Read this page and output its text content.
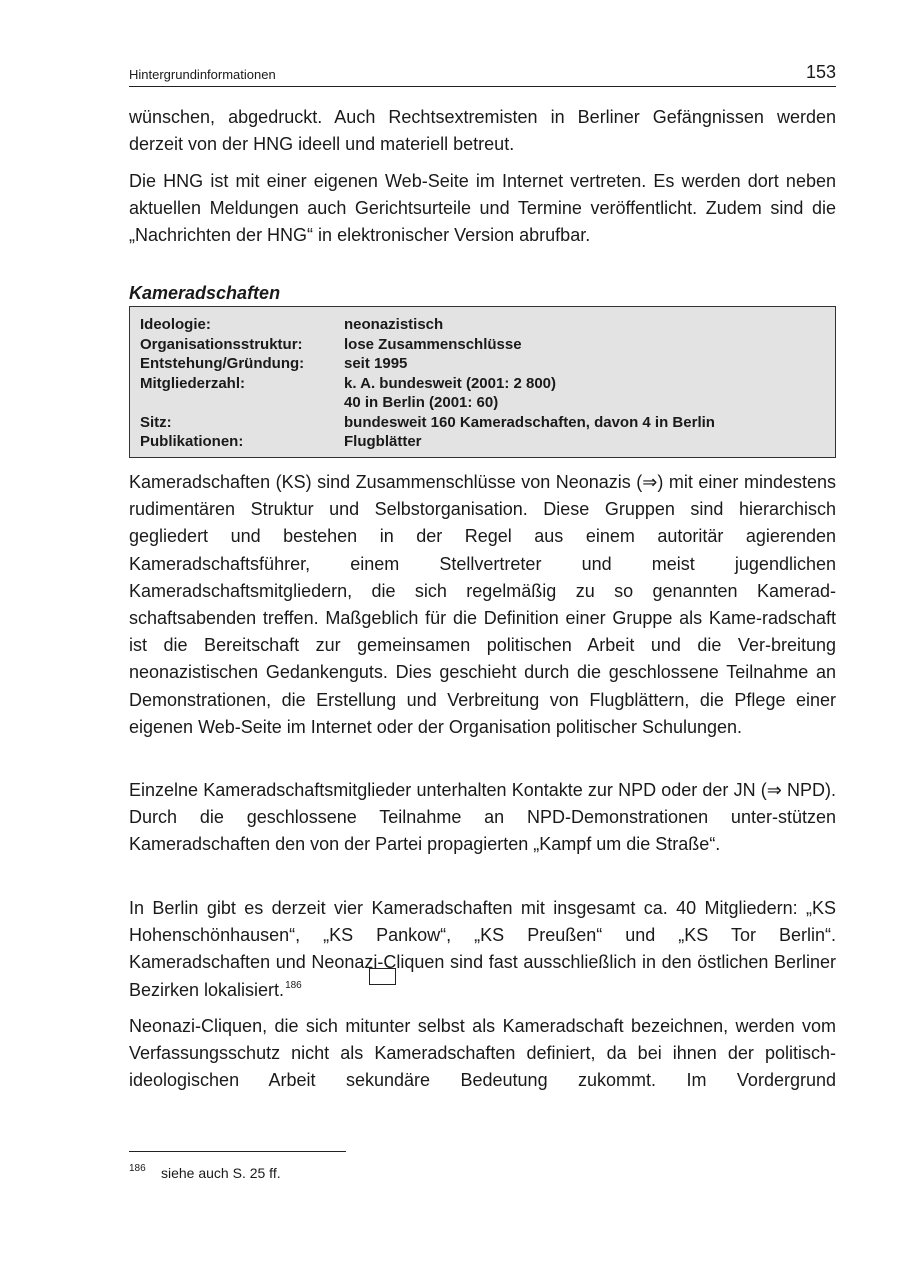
Hintergrundinformationen	153

wünschen, abgedruckt. Auch Rechtsextremisten in Berliner Gefängnissen werden derzeit von der HNG ideell und materiell betreut.

Die HNG ist mit einer eigenen Web-Seite im Internet vertreten. Es werden dort neben aktuellen Meldungen auch Gerichtsurteile und Termine veröffentlicht. Zudem sind die „Nachrichten der HNG“ in elektronischer Version abrufbar.

Kameradschaften

Ideologie:	neonazistisch
Organisationsstruktur:	lose Zusammenschlüsse
Entstehung/Gründung:	seit 1995
Mitgliederzahl:	k. A. bundesweit (2001: 2 800)
40 in Berlin (2001: 60)
Sitz:	bundesweit 160 Kameradschaften, davon 4 in Berlin
Publikationen:	Flugblätter

Kameradschaften (KS) sind Zusammenschlüsse von Neonazis (⇒) mit einer mindestens rudimentären Struktur und Selbstorganisation. Diese Gruppen sind hierarchisch gegliedert und bestehen in der Regel aus einem autoritär agierenden Kameradschaftsführer, einem Stellvertreter und meist jugendlichen Kameradschaftsmitgliedern, die sich regelmäßig zu so genannten Kamerad-schaftsabenden treffen. Maßgeblich für die Definition einer Gruppe als Kame-radschaft ist die Bereitschaft zur gemeinsamen politischen Arbeit und die Ver-breitung neonazistischen Gedankenguts. Dies geschieht durch die geschlossene Teilnahme an Demonstrationen, die Erstellung und Verbreitung von Flugblättern, die Pflege einer eigenen Web-Seite im Internet oder der Organisation politischer Schulungen.

Einzelne Kameradschaftsmitglieder unterhalten Kontakte zur NPD oder der JN (⇒ NPD). Durch die geschlossene Teilnahme an NPD-Demonstrationen unter-stützen Kameradschaften den von der Partei propagierten „Kampf um die Straße“.

In Berlin gibt es derzeit vier Kameradschaften mit insgesamt ca. 40 Mitgliedern: „KS Hohenschönhausen“, „KS Pankow“, „KS Preußen“ und „KS Tor Berlin“. Kameradschaften und Neonazi-Cliquen sind fast ausschließlich in den östlichen Berliner Bezirken lokalisiert.186

Neonazi-Cliquen, die sich mitunter selbst als Kameradschaft bezeichnen, werden vom Verfassungsschutz nicht als Kameradschaften definiert, da bei ihnen der politisch-ideologischen Arbeit sekundäre Bedeutung zukommt. Im Vordergrund

186 siehe auch S. 25 ff.
